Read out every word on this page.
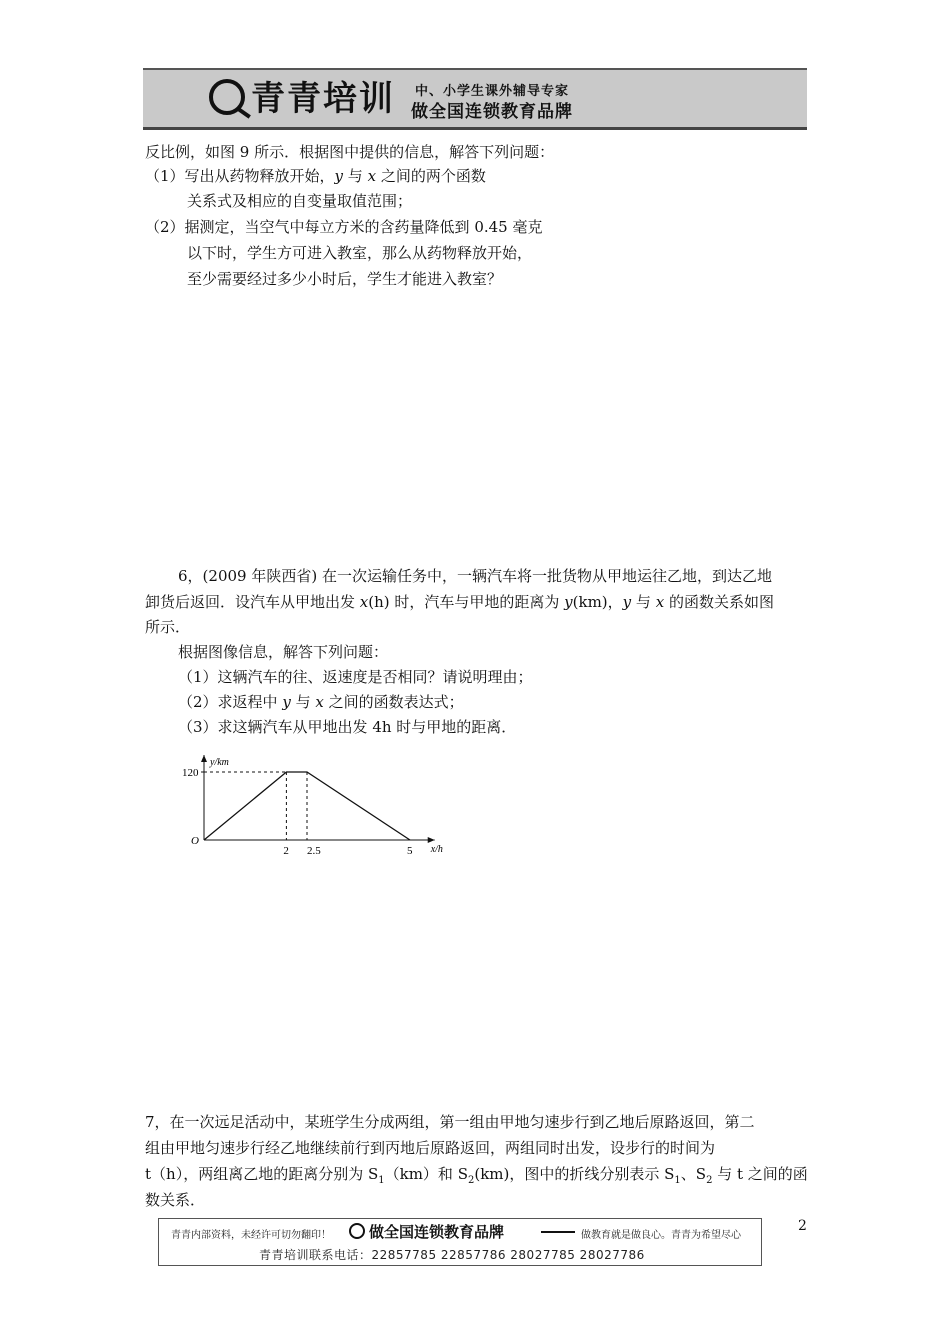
青青培训 中、小学生课外辅导专家
做全国连锁教育品牌
反比例，如图 9 所示．根据图中提供的信息，解答下列问题：
（1）写出从药物释放开始，y 与 x 之间的两个函数
关系式及相应的自变量取值范围；
（2）据测定，当空气中每立方米的含药量降低到 0.45 毫克
以下时，学生方可进入教室，那么从药物释放开始，
至少需要经过多少小时后，学生才能进入教室？
6，(2009 年陕西省) 在一次运输任务中，一辆汽车将一批货物从甲地运往乙地，到达乙地
卸货后返回．设汽车从甲地出发 x(h) 时，汽车与甲地的距离为 y(km)，y 与 x 的函数关系如图
所示．
根据图像信息，解答下列问题：
（1）这辆汽车的往、返速度是否相同？请说明理由；
（2）求返程中 y 与 x 之间的函数表达式；
（3）求这辆汽车从甲地出发 4h 时与甲地的距离．
y/km
x/h
O
120
2 2.5	5
7，在一次远足活动中，某班学生分成两组，第一组由甲地匀速步行到乙地后原路返回，第二
组由甲地匀速步行经乙地继续前行到丙地后原路返回，两组同时出发，设步行的时间为
t（h），两组离乙地的距离分别为 $S_1(km)$和 $S_2(km)$，图中的折线分别表示 $S_1$、$S_2$ 与 t 之间的函
数关系．
青青内部资料，未经许可切勿翻印！	做全国连锁教育品牌	做教育就是做良心。青青为希望尽心
青青培训联系电话：22857785 22857786 28027785 28027786
2
